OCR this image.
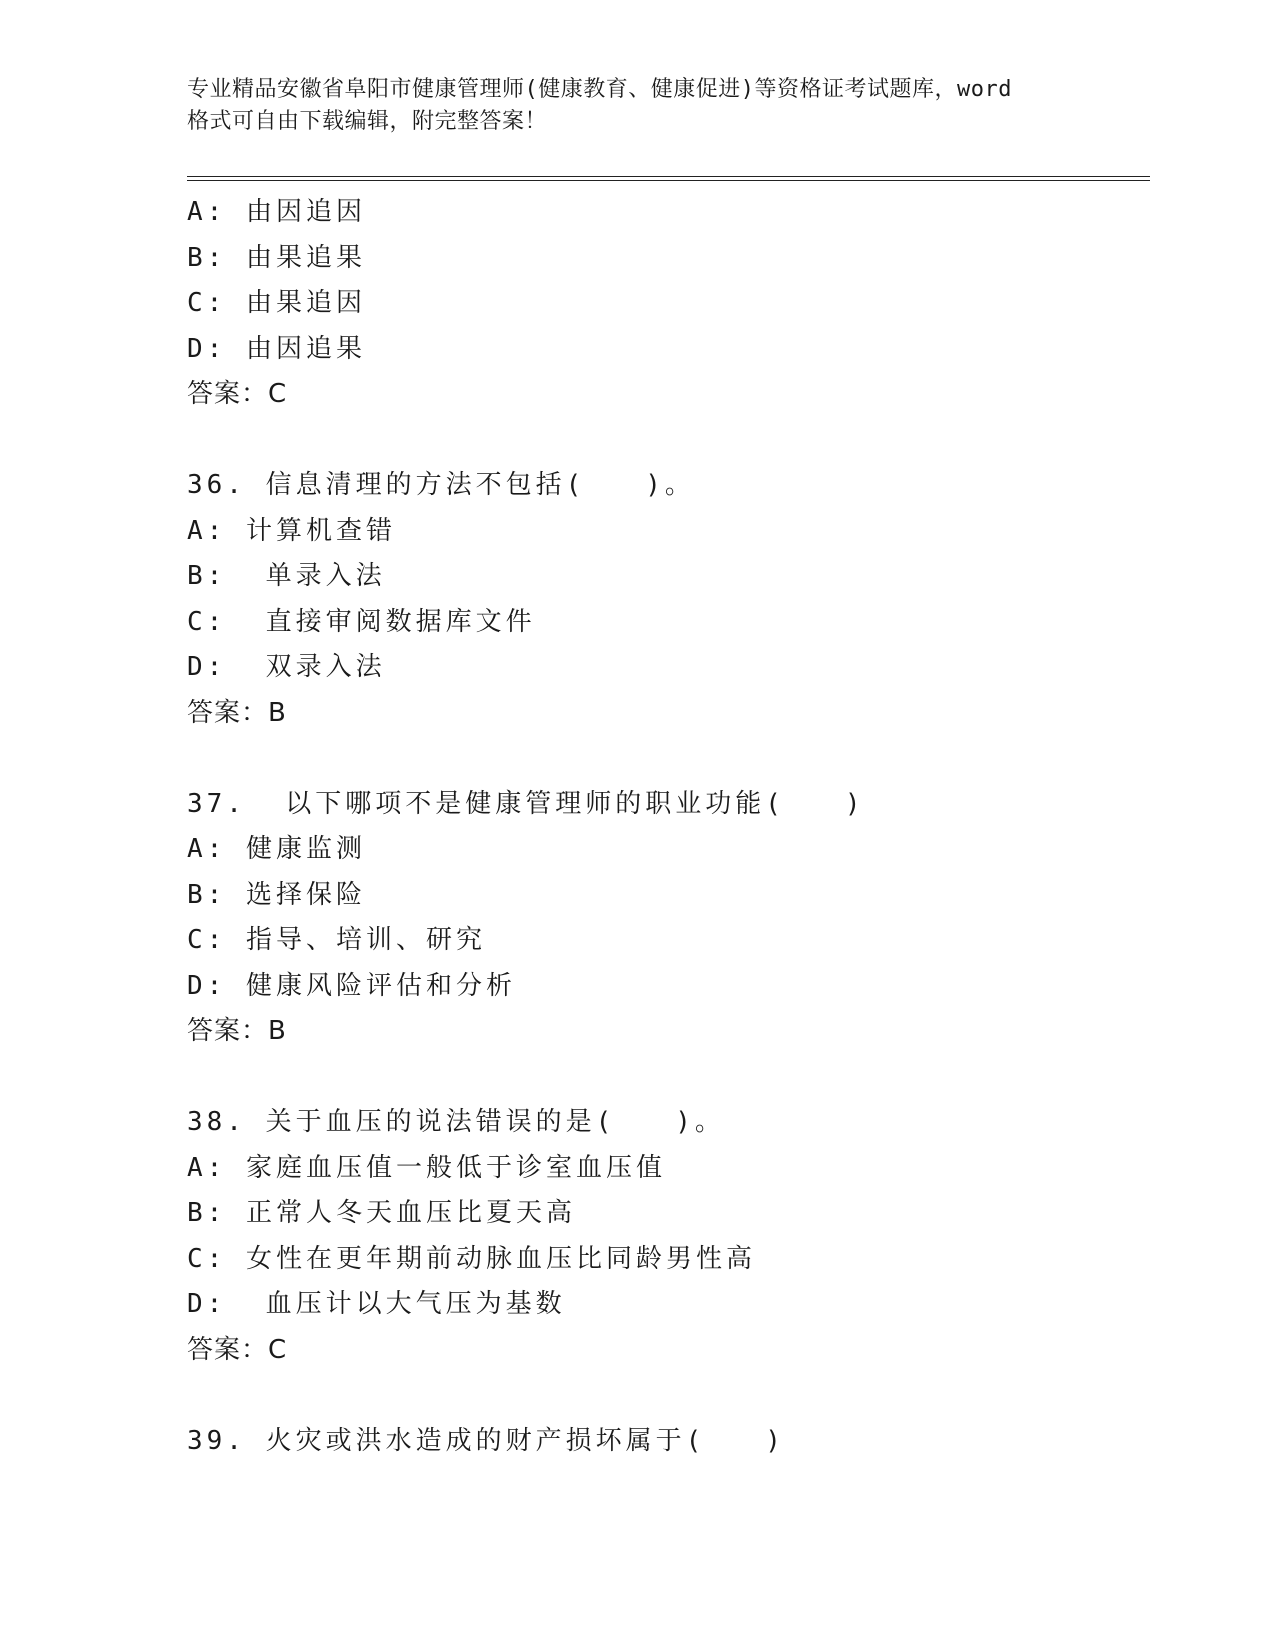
专业精品安徽省阜阳市健康管理师(健康教育、健康促进)等资格证考试题库，word
格式可自由下载编辑，附完整答案！
A: 由因追因
B: 由果追果
C: 由果追因
D: 由因追果
答案：C
36. 信息清理的方法不包括(　　)。
A: 计算机查错
B:  单录入法
C:  直接审阅数据库文件
D:  双录入法
答案：B
37.  以下哪项不是健康管理师的职业功能(　　)
A: 健康监测
B: 选择保险
C: 指导、培训、研究
D: 健康风险评估和分析
答案：B
38. 关于血压的说法错误的是(　　)。
A: 家庭血压值一般低于诊室血压值
B: 正常人冬天血压比夏天高
C: 女性在更年期前动脉血压比同龄男性高
D:  血压计以大气压为基数
答案：C
39. 火灾或洪水造成的财产损坏属于(　　)
